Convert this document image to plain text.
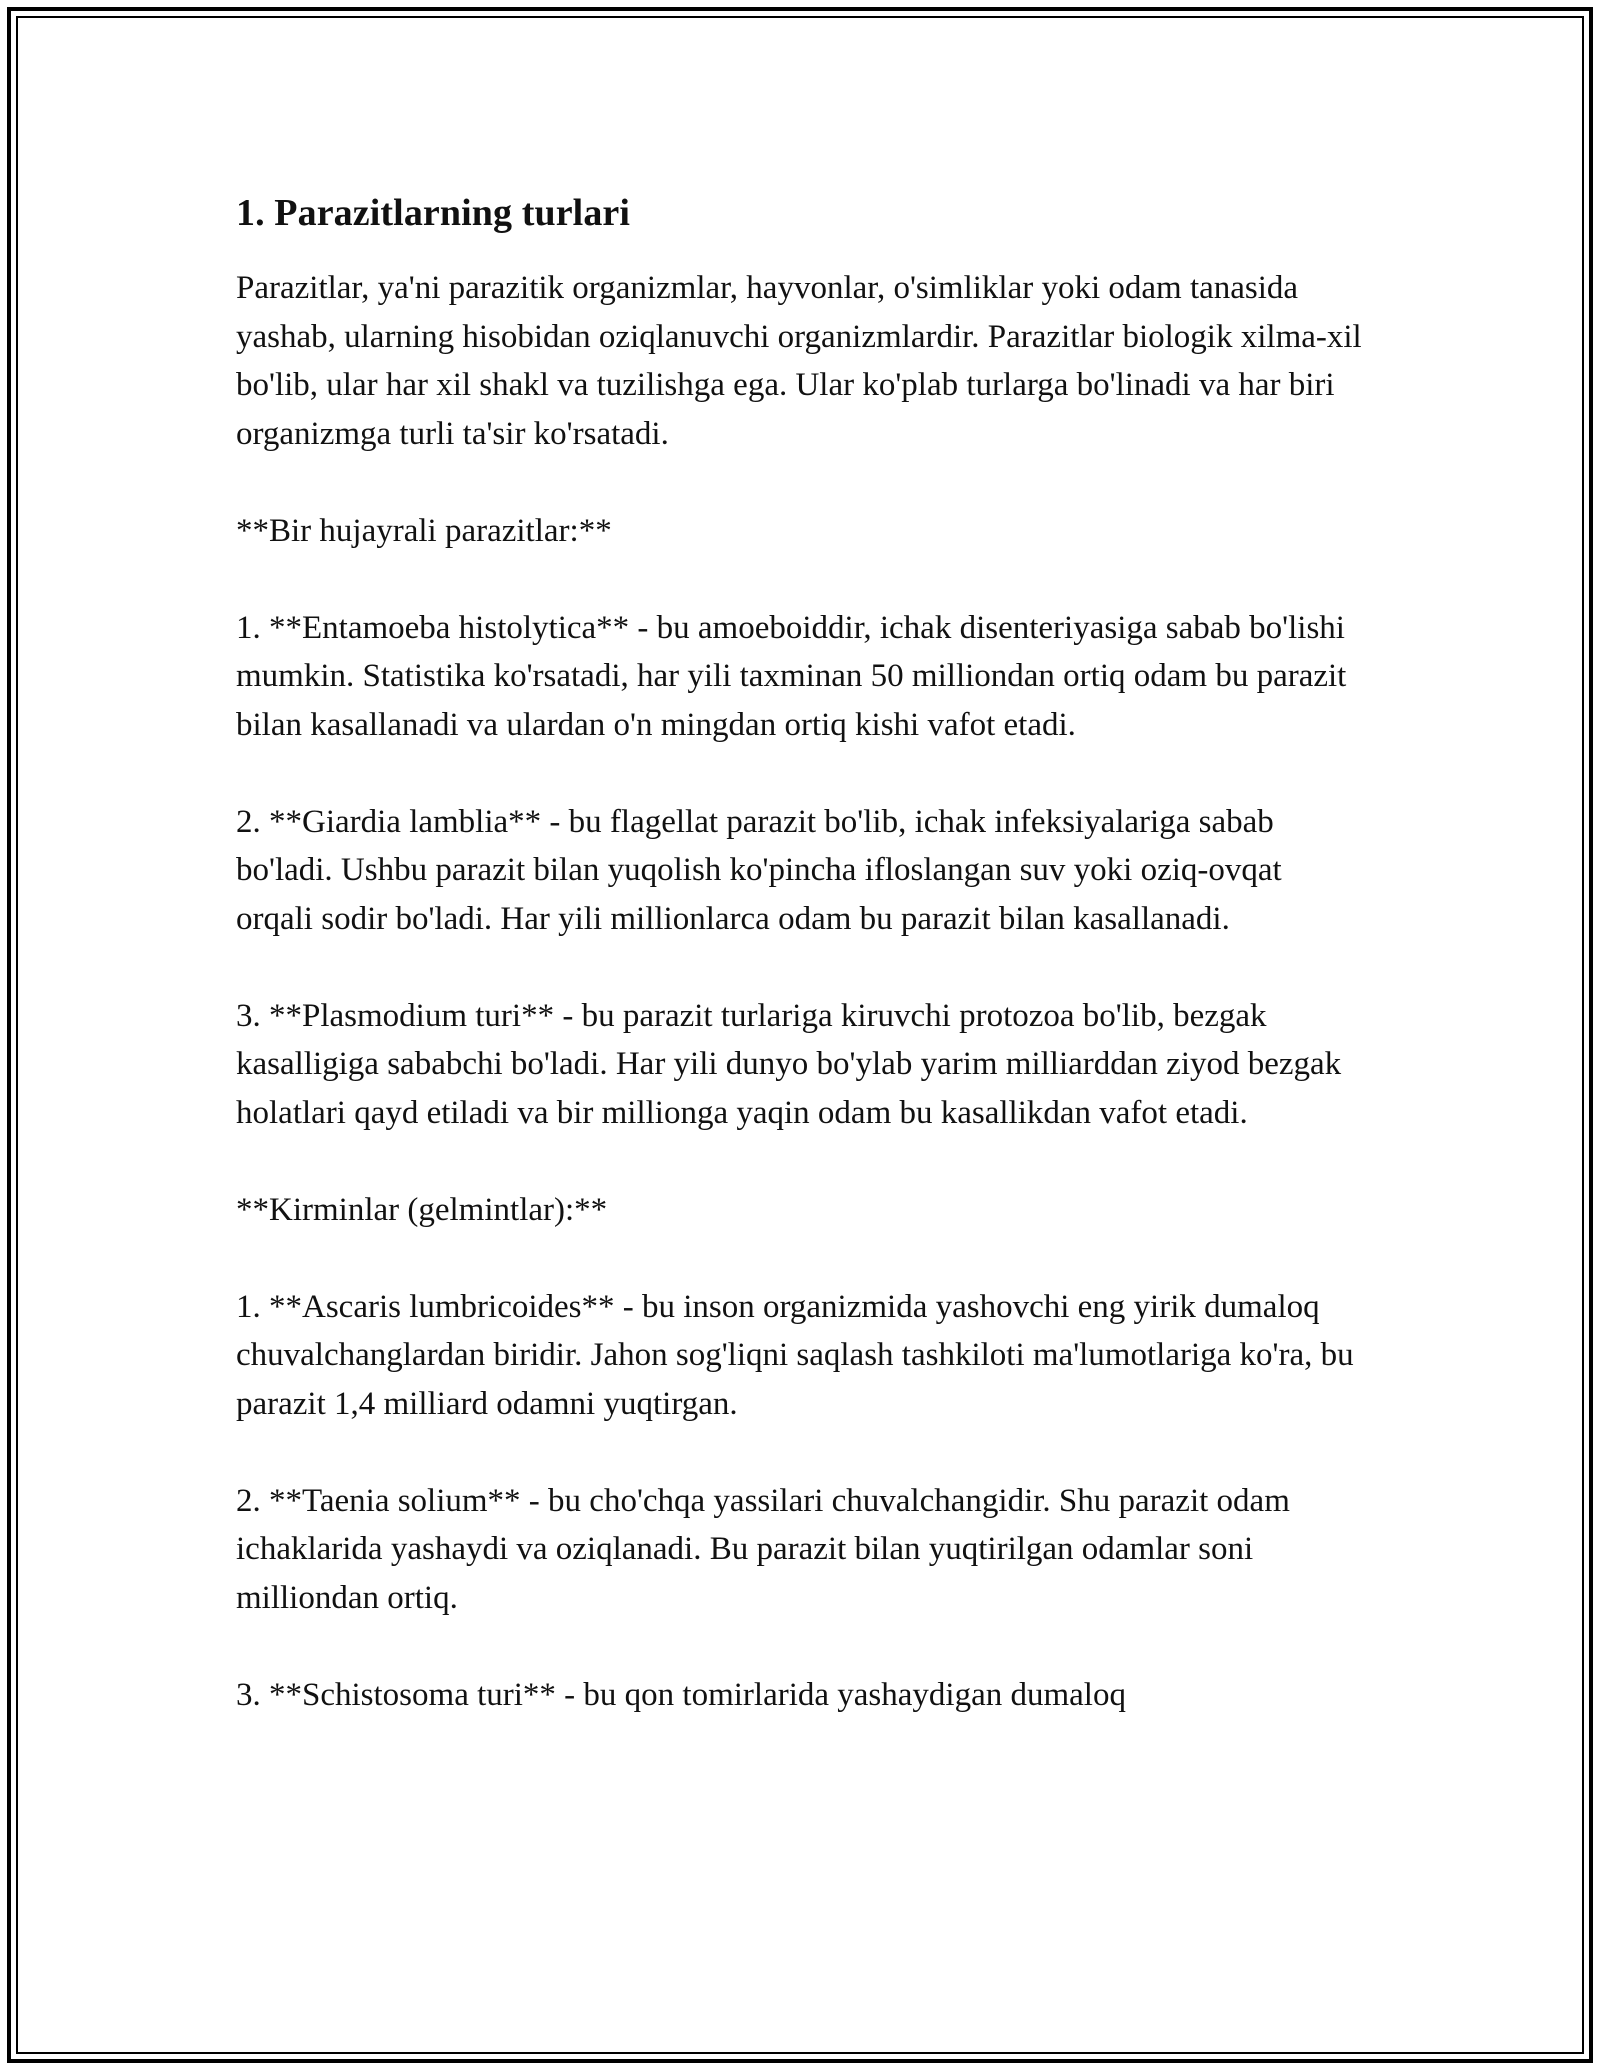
1. Parazitlarning turlari

Parazitlar, ya'ni parazitik organizmlar, hayvonlar, o'simliklar yoki odam tanasida yashab, ularning hisobidan oziqlanuvchi organizmlardir. Parazitlar biologik xilma-xil bo'lib, ular har xil shakl va tuzilishga ega. Ular ko'plab turlarga bo'linadi va har biri organizmga turli ta'sir ko'rsatadi.

**Bir hujayrali parazitlar:**

1. **Entamoeba histolytica** - bu amoeboiddir, ichak disenteriyasiga sabab bo'lishi mumkin. Statistika ko'rsatadi, har yili taxminan 50 milliondan ortiq odam bu parazit bilan kasallanadi va ulardan o'n mingdan ortiq kishi vafot etadi.

2. **Giardia lamblia** - bu flagellat parazit bo'lib, ichak infeksiyalariga sabab bo'ladi. Ushbu parazit bilan yuqolish ko'pincha ifloslangan suv yoki oziq-ovqat orqali sodir bo'ladi. Har yili millionlarca odam bu parazit bilan kasallanadi.

3. **Plasmodium turi** - bu parazit turlariga kiruvchi protozoa bo'lib, bezgak kasalligiga sababchi bo'ladi. Har yili dunyo bo'ylab yarim milliarddan ziyod bezgak holatlari qayd etiladi va bir millionga yaqin odam bu kasallikdan vafot etadi.

**Kirminlar (gelmintlar):**

1. **Ascaris lumbricoides** - bu inson organizmida yashovchi eng yirik dumaloq chuvalchanglardan biridir. Jahon sog'liqni saqlash tashkiloti ma'lumotlariga ko'ra, bu parazit 1,4 milliard odamni yuqtirgan.

2. **Taenia solium** - bu cho'chqa yassilari chuvalchangidir. Shu parazit odam ichaklarida yashaydi va oziqlanadi. Bu parazit bilan yuqtirilgan odamlar soni milliondan ortiq.

3. **Schistosoma turi** - bu qon tomirlarida yashaydigan dumaloq
